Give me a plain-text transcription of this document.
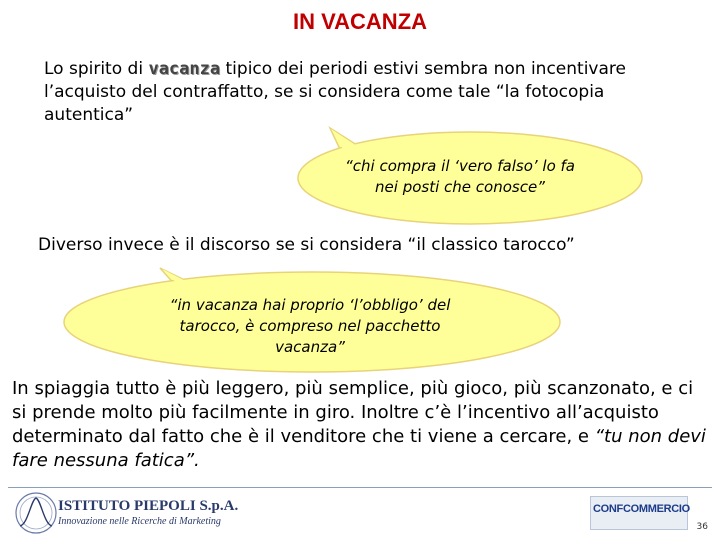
IN VACANZA
Lo spirito di vacanza tipico dei periodi estivi sembra non incentivare l’acquisto del contraffatto, se si considera come tale “la fotocopia autentica”
“chi compra il ‘vero falso’ lo fa
nei posti che conosce”
Diverso invece è il discorso se si considera “il classico tarocco”
“in vacanza hai proprio ‘l’obbligo’ del
tarocco, è compreso nel pacchetto
vacanza”
In spiaggia tutto è più leggero, più semplice, più gioco, più scanzonato, e ci si prende molto più facilmente in giro. Inoltre c’è l’incentivo all’acquisto determinato dal fatto che è il venditore che ti viene a cercare, e “tu non devi fare nessuna fatica”.
ISTITUTO PIEPOLI S.p.A.
Innovazione nelle Ricerche di Marketing
CONFCOMMERCIO
36
